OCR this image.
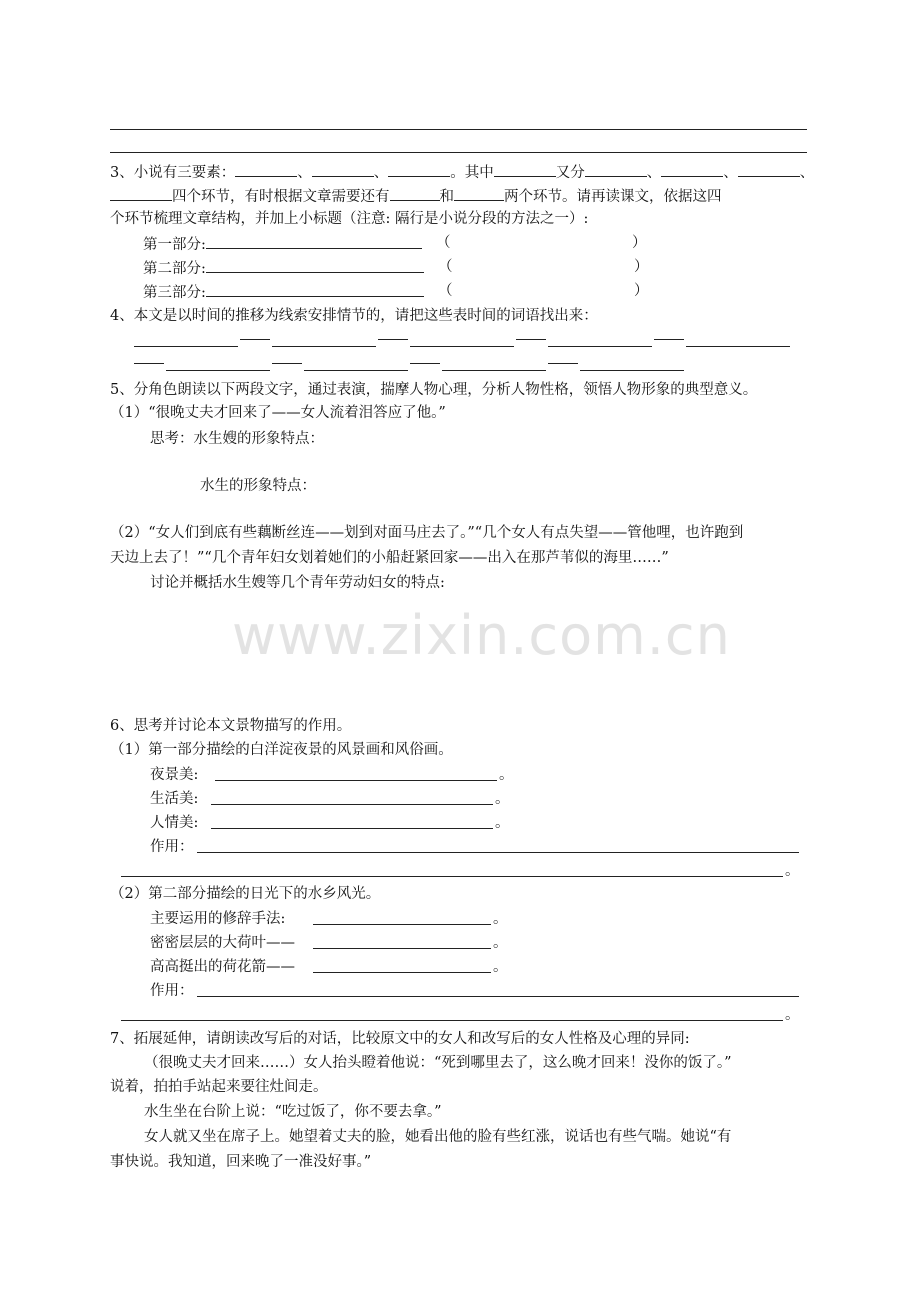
www.zixin.com.cn
3、小说有三要素：	、	、	。其中	又分	、	、	、
四个环节，有时根据文章需要还有	和	两个环节。请再读课文，依据这四
个环节梳理文章结构，并加上小标题（注意: 隔行是小说分段的方法之一）:
第一部分:	（	）
第二部分:	（	）
第三部分:	（	）
4、本文是以时间的推移为线索安排情节的，请把这些表时间的词语找出来：
5、分角色朗读以下两段文字，通过表演，揣摩人物心理，分析人物性格，领悟人物形象的典型意义。
（1）“很晚丈夫才回来了——女人流着泪答应了他。”
思考：水生嫂的形象特点：
水生的形象特点：
（2）“女人们到底有些藕断丝连——划到对面马庄去了。”“几个女人有点失望——管他哩，也许跑到
天边上去了！”“几个青年妇女划着她们的小船赶紧回家——出入在那芦苇似的海里……”
讨论并概括水生嫂等几个青年劳动妇女的特点:
6、思考并讨论本文景物描写的作用。
（1）第一部分描绘的白洋淀夜景的风景画和风俗画。
夜景美:	。
生活美:	。
人情美:	。
作用：
。
（2）第二部分描绘的日光下的水乡风光。
主要运用的修辞手法:	。
密密层层的大荷叶——	。
高高挺出的荷花箭——	。
作用：
。
7、拓展延伸，请朗读改写后的对话，比较原文中的女人和改写后的女人性格及心理的异同:
（很晚丈夫才回来……）女人抬头瞪着他说：“死到哪里去了，这么晚才回来！没你的饭了。”
说着，拍拍手站起来要往灶间走。
水生坐在台阶上说：“吃过饭了，你不要去拿。”
女人就又坐在席子上。她望着丈夫的脸，她看出他的脸有些红涨，说话也有些气喘。她说“有
事快说。我知道，回来晚了一准没好事。”
